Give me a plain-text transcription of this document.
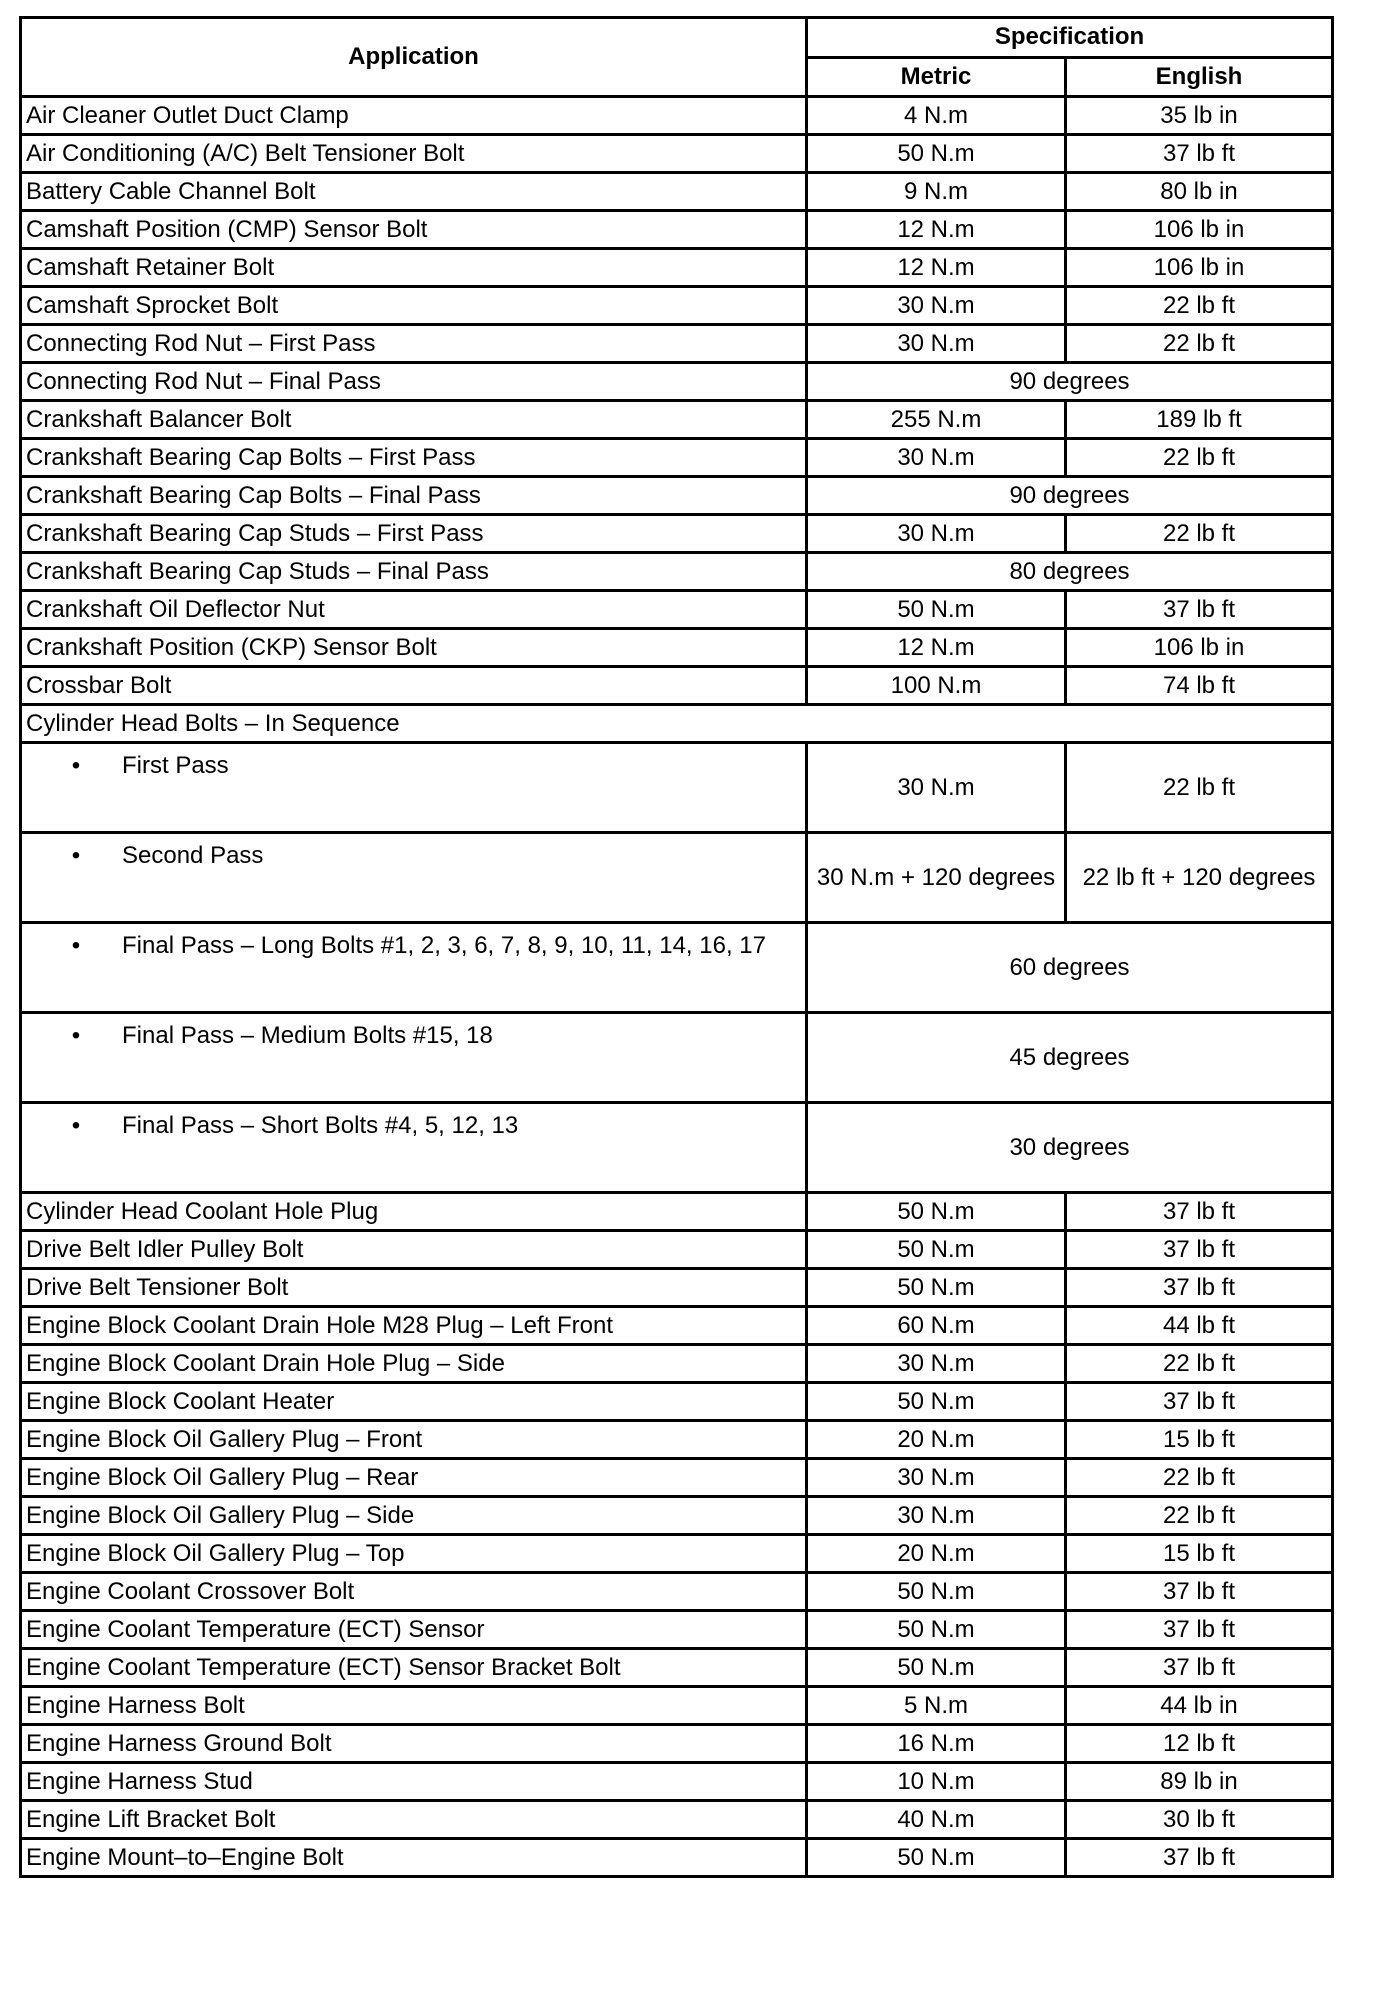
Application	Specification	
	Metric	English
Air Cleaner Outlet Duct Clamp	4 N.m	35 lb in
Air Conditioning (A/C) Belt Tensioner Bolt	50 N.m	37 lb ft
Battery Cable Channel Bolt	9 N.m	80 lb in
Camshaft Position (CMP) Sensor Bolt	12 N.m	106 lb in
Camshaft Retainer Bolt	12 N.m	106 lb in
Camshaft Sprocket Bolt	30 N.m	22 lb ft
Connecting Rod Nut – First Pass	30 N.m	22 lb ft
Connecting Rod Nut – Final Pass	90 degrees	
Crankshaft Balancer Bolt	255 N.m	189 lb ft
Crankshaft Bearing Cap Bolts – First Pass	30 N.m	22 lb ft
Crankshaft Bearing Cap Bolts – Final Pass	90 degrees	
Crankshaft Bearing Cap Studs – First Pass	30 N.m	22 lb ft
Crankshaft Bearing Cap Studs – Final Pass	80 degrees	
Crankshaft Oil Deflector Nut	50 N.m	37 lb ft
Crankshaft Position (CKP) Sensor Bolt	12 N.m	106 lb in
Crossbar Bolt	100 N.m	74 lb ft
Cylinder Head Bolts – In Sequence		
• First Pass	30 N.m	22 lb ft
• Second Pass	30 N.m + 120 degrees	22 lb ft + 120 degrees
• Final Pass – Long Bolts #1, 2, 3, 6, 7, 8, 9, 10, 11, 14, 16, 17	60 degrees	
• Final Pass – Medium Bolts #15, 18	45 degrees	
• Final Pass – Short Bolts #4, 5, 12, 13	30 degrees	
Cylinder Head Coolant Hole Plug	50 N.m	37 lb ft
Drive Belt Idler Pulley Bolt	50 N.m	37 lb ft
Drive Belt Tensioner Bolt	50 N.m	37 lb ft
Engine Block Coolant Drain Hole M28 Plug – Left Front	60 N.m	44 lb ft
Engine Block Coolant Drain Hole Plug – Side	30 N.m	22 lb ft
Engine Block Coolant Heater	50 N.m	37 lb ft
Engine Block Oil Gallery Plug – Front	20 N.m	15 lb ft
Engine Block Oil Gallery Plug – Rear	30 N.m	22 lb ft
Engine Block Oil Gallery Plug – Side	30 N.m	22 lb ft
Engine Block Oil Gallery Plug – Top	20 N.m	15 lb ft
Engine Coolant Crossover Bolt	50 N.m	37 lb ft
Engine Coolant Temperature (ECT) Sensor	50 N.m	37 lb ft
Engine Coolant Temperature (ECT) Sensor Bracket Bolt	50 N.m	37 lb ft
Engine Harness Bolt	5 N.m	44 lb in
Engine Harness Ground Bolt	16 N.m	12 lb ft
Engine Harness Stud	10 N.m	89 lb in
Engine Lift Bracket Bolt	40 N.m	30 lb ft
Engine Mount–to–Engine Bolt	50 N.m	37 lb ft
